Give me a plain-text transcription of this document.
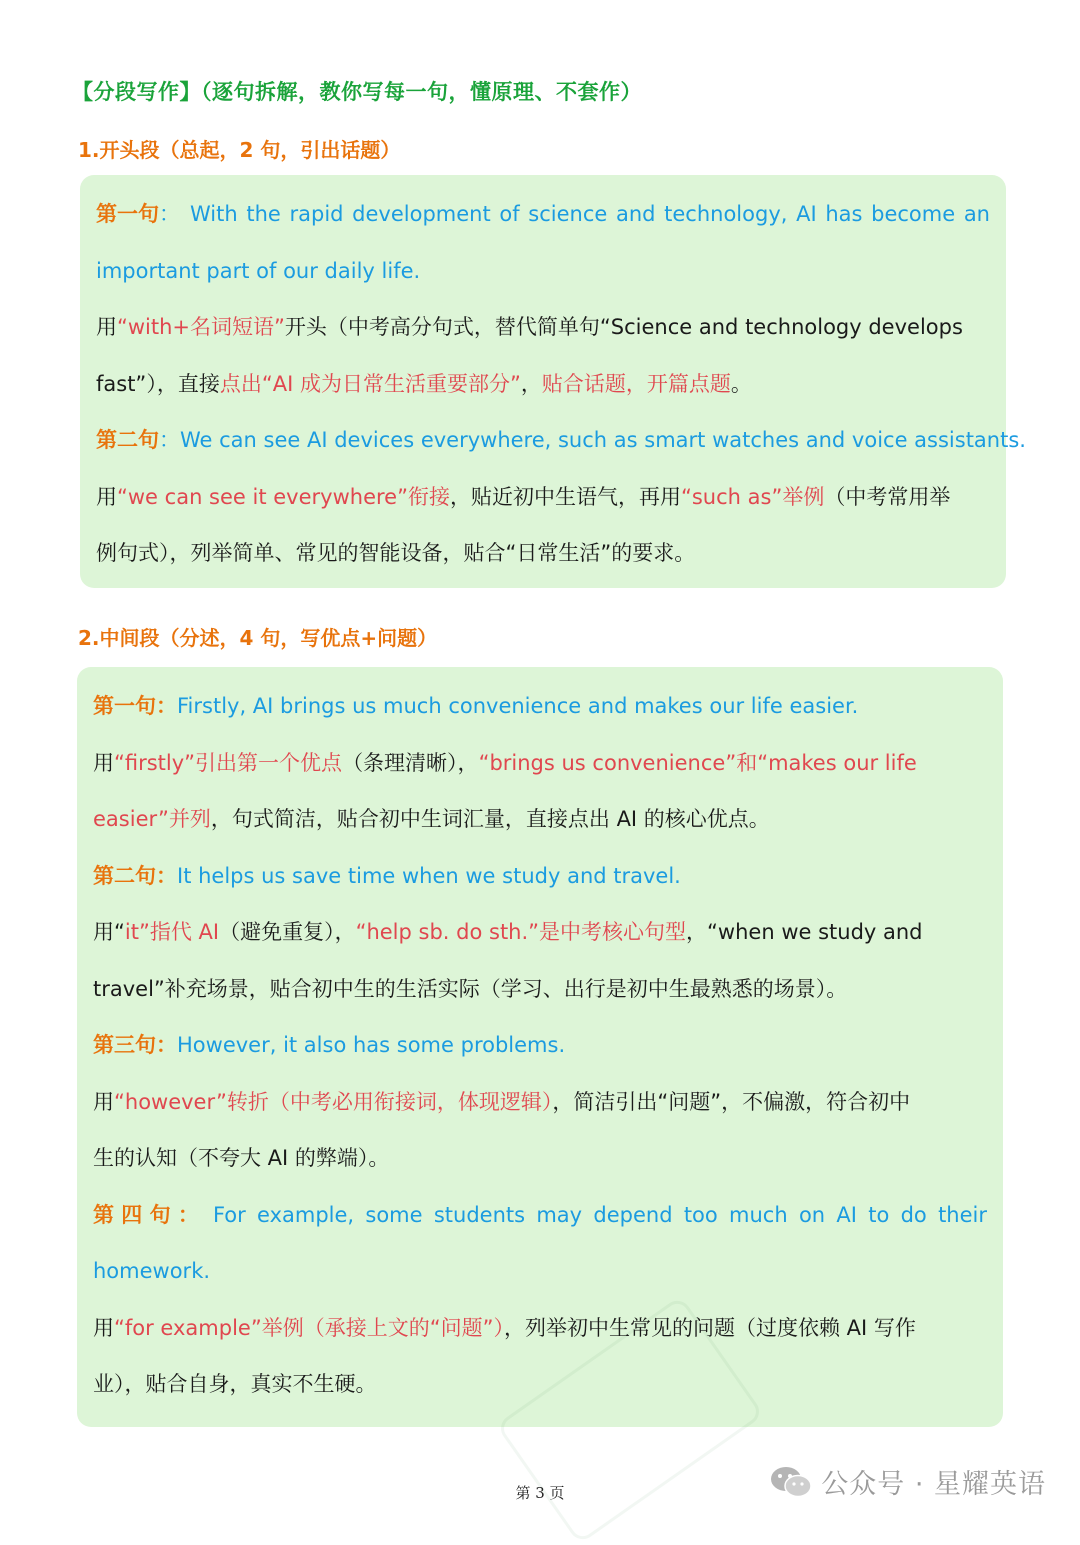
【分段写作】（逐句拆解，教你写每一句，懂原理、不套作）
1.开头段（总起，2 句，引出话题）
第一句： With the rapid development of science and technology, AI has become an
important part of our daily life.
用“with+名词短语”开头（中考高分句式，替代简单句“Science and technology develops
fast”），直接点出“AI 成为日常生活重要部分”，贴合话题，开篇点题。
第二句：We can see AI devices everywhere, such as smart watches and voice assistants.
用“we can see it everywhere”衔接，贴近初中生语气，再用“such as”举例（中考常用举
例句式），列举简单、常见的智能设备，贴合“日常生活”的要求。
2.中间段（分述，4 句，写优点+问题）
第一句：Firstly, AI brings us much convenience and makes our life easier.
用“firstly”引出第一个优点（条理清晰），“brings us convenience”和“makes our life
easier”并列，句式简洁，贴合初中生词汇量，直接点出 AI 的核心优点。
第二句：It helps us save time when we study and travel.
用“it”指代 AI（避免重复），“help sb. do sth.”是中考核心句型，“when we study and
travel”补充场景，贴合初中生的生活实际（学习、出行是初中生最熟悉的场景）。
第三句：However, it also has some problems.
用“however”转折（中考必用衔接词，体现逻辑），简洁引出“问题”，不偏激，符合初中
生的认知（不夸大 AI 的弊端）。
第 四 句 ： For example, some students may depend too much on AI to do their
homework.
用“for example”举例（承接上文的“问题”），列举初中生常见的问题（过度依赖 AI 写作
业），贴合自身，真实不生硬。
第 3 页	公众号 · 星耀英语
